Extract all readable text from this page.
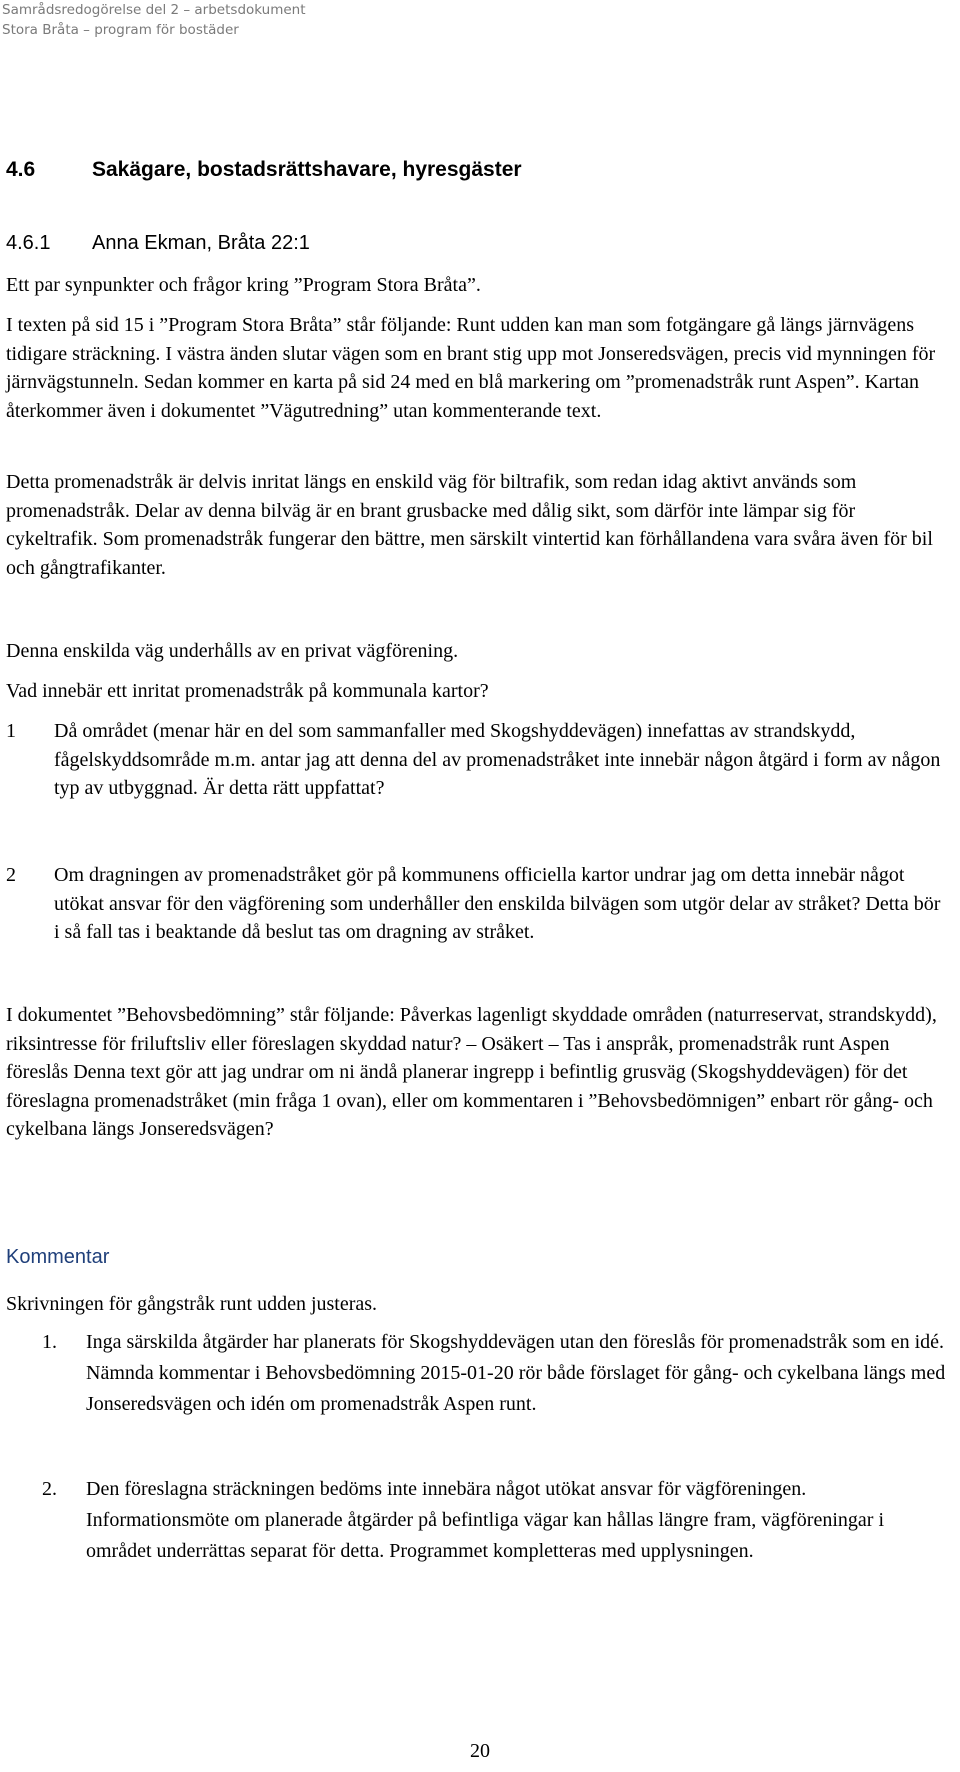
Samrådsredogörelse del 2 – arbetsdokument
Stora Bråta – program för bostäder
4.6	Sakägare, bostadsrättshavare, hyresgäster
4.6.1 Anna Ekman, Bråta 22:1

Ett par synpunkter och frågor kring ”Program Stora Bråta”.

I texten på sid 15 i ”Program Stora Bråta” står följande: Runt udden kan man som fotgängare gå längs järnvägens tidigare sträckning. I västra änden slutar vägen som en brant stig upp mot Jonseredsvägen, precis vid mynningen för järnvägstunneln. Sedan kommer en karta på sid 24 med en blå markering om ”promenadstråk runt Aspen”. Kartan återkommer även i dokumentet ”Vägutredning” utan kommenterande text.

Detta promenadstråk är delvis inritat längs en enskild väg för biltrafik, som redan idag aktivt används som promenadstråk. Delar av denna bilväg är en brant grusbacke med dålig sikt, som därför inte lämpar sig för cykeltrafik. Som promenadstråk fungerar den bättre, men särskilt vintertid kan förhållandena vara svåra även för bil och gångtrafikanter.

Denna enskilda väg underhålls av en privat vägförening.

Vad innebär ett inritat promenadstråk på kommunala kartor?

1 Då området (menar här en del som sammanfaller med Skogshyddevägen) innefattas av strandskydd, fågelskyddsområde m.m. antar jag att denna del av promenadstråket inte innebär någon åtgärd i form av någon typ av utbyggnad. Är detta rätt uppfattat?
2 Om dragningen av promenadstråket gör på kommunens officiella kartor undrar jag om detta innebär något utökat ansvar för den vägförening som underhåller den enskilda bilvägen som utgör delar av stråket? Detta bör i så fall tas i beaktande då beslut tas om dragning av stråket.

I dokumentet ”Behovsbedömning” står följande: Påverkas lagenligt skyddade områden (naturreservat, strandskydd), riksintresse för friluftsliv eller föreslagen skyddad natur? – Osäkert – Tas i anspråk, promenadstråk runt Aspen föreslås Denna text gör att jag undrar om ni ändå planerar ingrepp i befintlig grusväg (Skogshyddevägen) för det föreslagna promenadstråket (min fråga 1 ovan), eller om kommentaren i ”Behovsbedömnigen” enbart rör gång- och cykelbana längs Jonseredsvägen?

Kommentar

Skrivningen för gångstråk runt udden justeras.

1. Inga särskilda åtgärder har planerats för Skogshyddevägen utan den föreslås för promenadstråk som en idé. Nämnda kommentar i Behovsbedömning 2015-01-20 rör både förslaget för gång- och cykelbana längs med Jonseredsvägen och idén om promenadstråk Aspen runt.
2. Den föreslagna sträckningen bedöms inte innebära något utökat ansvar för vägföreningen. Informationsmöte om planerade åtgärder på befintliga vägar kan hållas längre fram, vägföreningar i området underrättas separat för detta. Programmet kompletteras med upplysningen.
20
